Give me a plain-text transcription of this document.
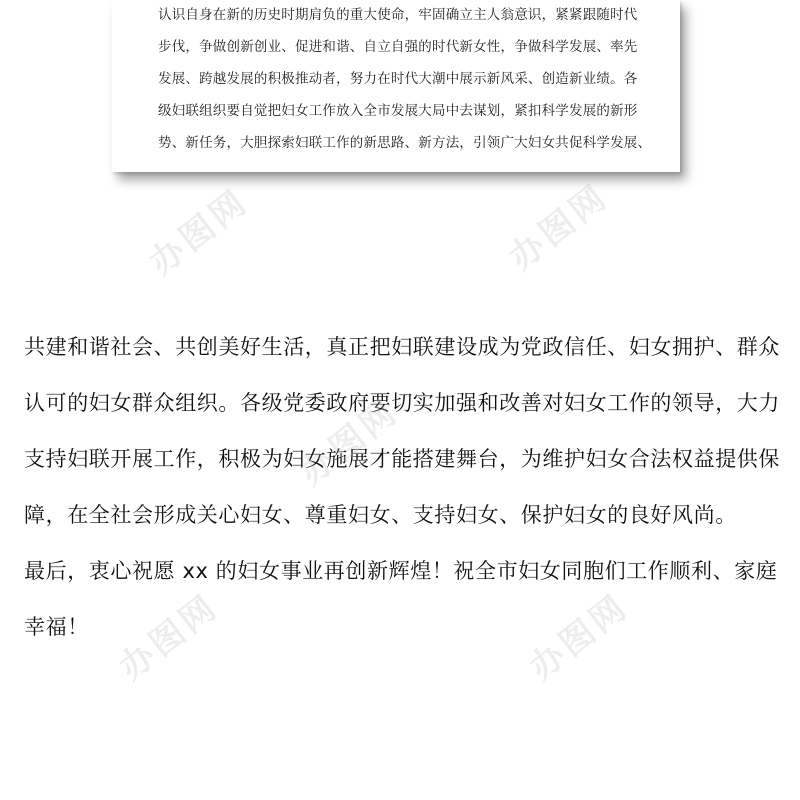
认识自身在新的历史时期肩负的重大使命，牢固确立主人翁意识，紧紧跟随时代
步伐，争做创新创业、促进和谐、自立自强的时代新女性，争做科学发展、率先
发展、跨越发展的积极推动者，努力在时代大潮中展示新风采、创造新业绩。各
级妇联组织要自觉把妇女工作放入全市发展大局中去谋划，紧扣科学发展的新形
势、新任务，大胆探索妇联工作的新思路、新方法，引领广大妇女共促科学发展、
共建和谐社会、共创美好生活，真正把妇联建设成为党政信任、妇女拥护、群众
认可的妇女群众组织。各级党委政府要切实加强和改善对妇女工作的领导，大力
支持妇联开展工作，积极为妇女施展才能搭建舞台，为维护妇女合法权益提供保
障，在全社会形成关心妇女、尊重妇女、支持妇女、保护妇女的良好风尚。
最后，衷心祝愿 xx 的妇女事业再创新辉煌！祝全市妇女同胞们工作顺利、家庭
幸福！
办图网	办图网
办图网
办图网
办图网
